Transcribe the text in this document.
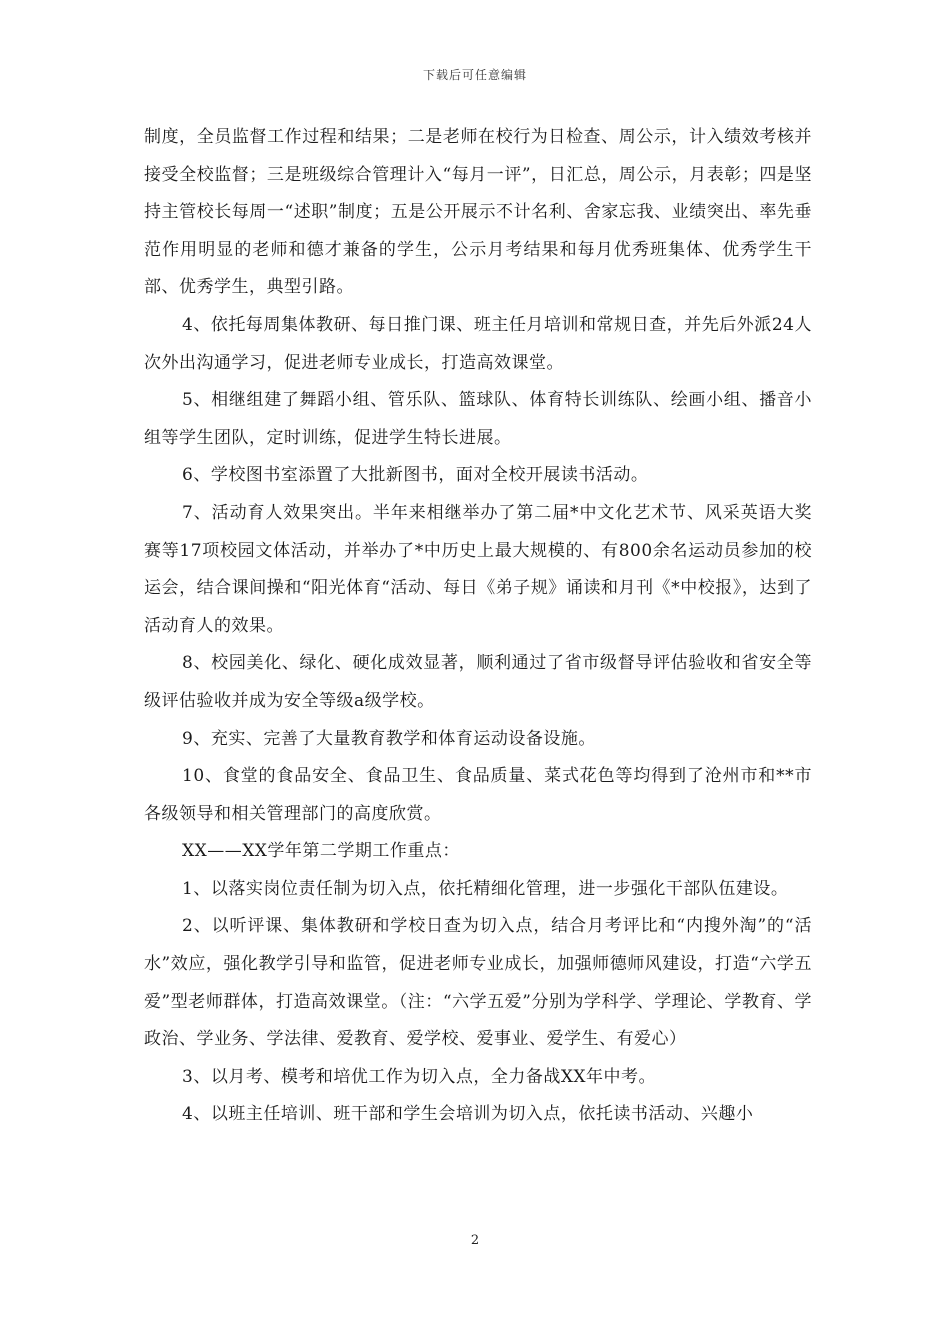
下载后可任意编辑

制度，全员监督工作过程和结果；二是老师在校行为日检查、周公示，计入绩效考核并接受全校监督；三是班级综合管理计入“每月一评”，日汇总，周公示，月表彰；四是坚持主管校长每周一“述职”制度；五是公开展示不计名利、舍家忘我、业绩突出、率先垂范作用明显的老师和德才兼备的学生，公示月考结果和每月优秀班集体、优秀学生干部、优秀学生，典型引路。

4、依托每周集体教研、每日推门课、班主任月培训和常规日查，并先后外派24人次外出沟通学习，促进老师专业成长，打造高效课堂。

5、相继组建了舞蹈小组、管乐队、篮球队、体育特长训练队、绘画小组、播音小组等学生团队，定时训练，促进学生特长进展。

6、学校图书室添置了大批新图书，面对全校开展读书活动。

7、活动育人效果突出。半年来相继举办了第二届*中文化艺术节、风采英语大奖赛等17项校园文体活动，并举办了*中历史上最大规模的、有800余名运动员参加的校运会，结合课间操和“阳光体育“活动、每日《弟子规》诵读和月刊《*中校报》，达到了活动育人的效果。

8、校园美化、绿化、硬化成效显著，顺利通过了省市级督导评估验收和省安全等级评估验收并成为安全等级a级学校。

9、充实、完善了大量教育教学和体育运动设备设施。

10、食堂的食品安全、食品卫生、食品质量、菜式花色等均得到了沧州市和**市各级领导和相关管理部门的高度欣赏。

XX——XX学年第二学期工作重点：

1、以落实岗位责任制为切入点，依托精细化管理，进一步强化干部队伍建设。

2、以听评课、集体教研和学校日查为切入点，结合月考评比和“内搜外淘”的“活水”效应，强化教学引导和监管，促进老师专业成长，加强师德师风建设，打造“六学五爱”型老师群体，打造高效课堂。（注：“六学五爱”分别为学科学、学理论、学教育、学政治、学业务、学法律、爱教育、爱学校、爱事业、爱学生、有爱心）

3、以月考、模考和培优工作为切入点，全力备战XX年中考。

4、以班主任培训、班干部和学生会培训为切入点，依托读书活动、兴趣小

2
